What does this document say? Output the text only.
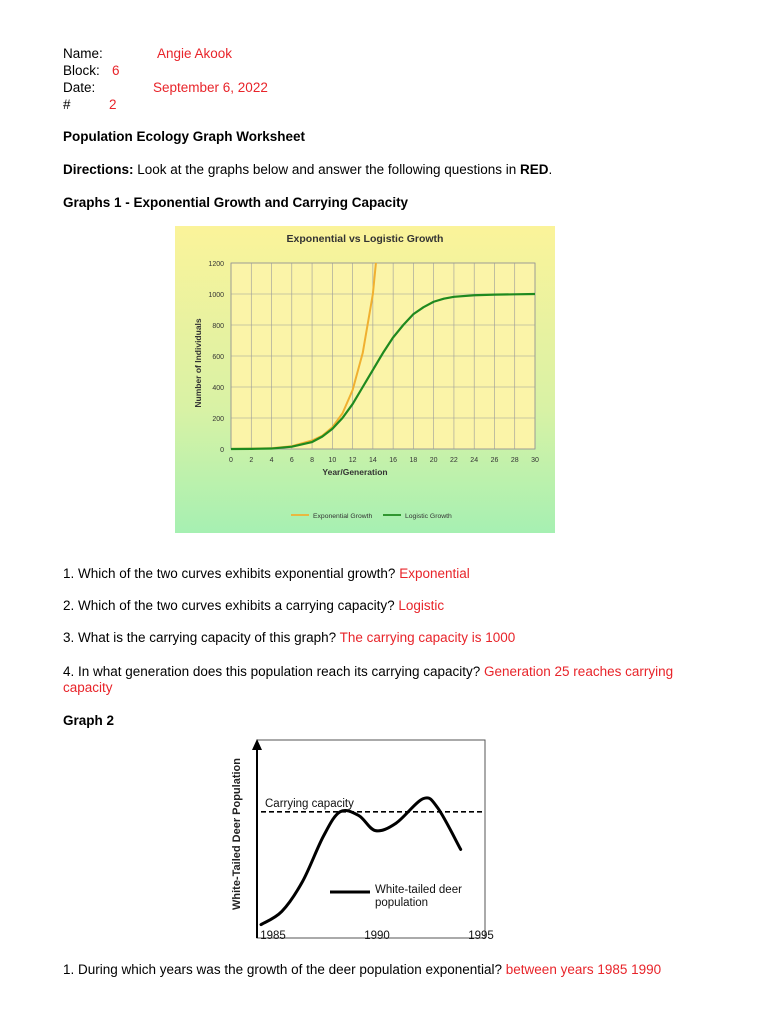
Name:	Angie Akook
Block: 6
Date:	September 6, 2022
#	2
Population Ecology Graph Worksheet
Directions: Look at the graphs below and answer the following questions in RED.
Graphs 1 - Exponential Growth and Carrying Capacity
Exponential vs Logistic Growth
0
200
400
600
800
1000
1200
0 2 4 6 8 10 12 14 16 18 20 22 24 26 28 30
Year/Generation
Number of Individuals
Exponential Growth	Logistic Growth
1. Which of the two curves exhibits exponential growth? Exponential
2. Which of the two curves exhibits a carrying capacity? Logistic
3. What is the carrying capacity of this graph? The carrying capacity is 1000
4. In what generation does this population reach its carrying capacity? Generation 25 reaches carrying capacity
Graph 2
White-Tailed Deer Population Carrying capacity
White-tailed deer
population
1985	1990	1995
1. During which years was the growth of the deer population exponential? between years 1985 1990
